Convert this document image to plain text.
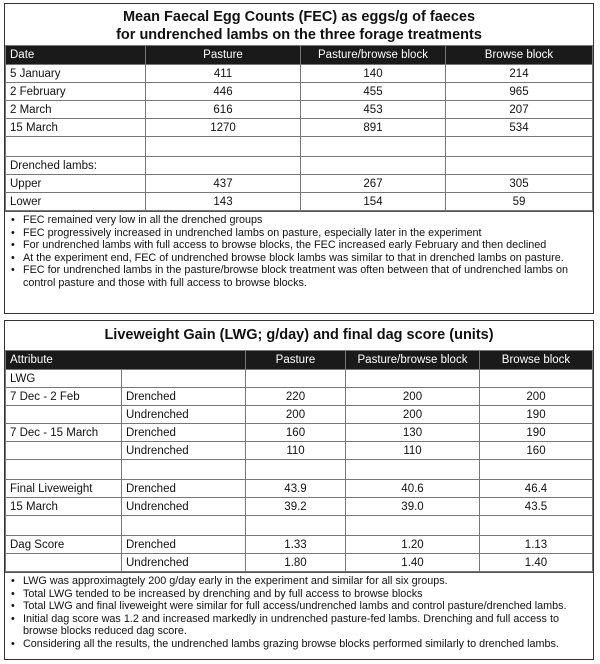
Mean Faecal Egg Counts (FEC) as eggs/g of faeces
for undrenched lambs on the three forage treatments
Date	Pasture	Pasture/browse block	Browse block
5 January	411	140	214
2 February	446	455	965
2 March	616	453	207
15 March	1270	891	534

Drenched lambs:			
Upper	437	267	305
Lower	143	154	59
• FEC remained very low in all the drenched groups
• FEC progressively increased in undrenched lambs on pasture, especially later in the experiment
• For undrenched lambs with full access to browse blocks, the FEC increased early February and then declined
• At the experiment end, FEC of undrenched browse block lambs was similar to that in drenched lambs on pasture.
• FEC for undrenched lambs in the pasture/browse block treatment was often between that of undrenched lambs on control pasture and those with full access to browse blocks.
Liveweight Gain (LWG; g/day) and final dag score (units)
Attribute		Pasture	Pasture/browse block	Browse block
LWG				
7 Dec - 2 Feb	Drenched	220	200	200
	Undrenched	200	200	190
7 Dec - 15 March	Drenched	160	130	190
	Undrenched	110	110	160

Final Liveweight	Drenched	43.9	40.6	46.4
15 March	Undrenched	39.2	39.0	43.5

Dag Score	Drenched	1.33	1.20	1.13
	Undrenched	1.80	1.40	1.40
• LWG was approximagtely 200 g/day early in the experiment and similar for all six groups.
• Total LWG tended to be increased by drenching and by full access to browse blocks
• Total LWG and final liveweight were similar for full access/undrenched lambs and control pasture/drenched lambs.
• Initial dag score was 1.2 and increased markedly in undrenched pasture-fed lambs. Drenching and full access to browse blocks reduced dag score.
• Considering all the results, the undrenched lambs grazing browse blocks performed similarly to drenched lambs.
